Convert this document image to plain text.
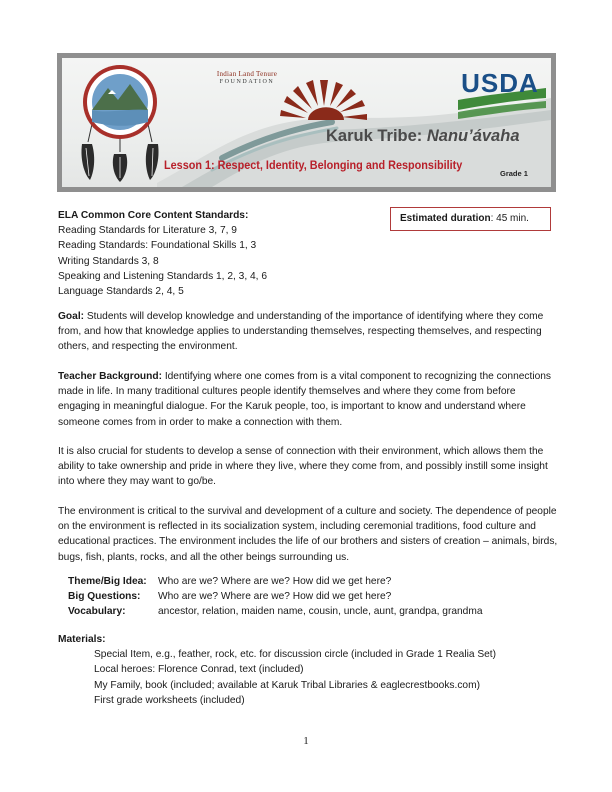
Indian Land Tenure
FOUNDATION	USDA
Karuk Tribe: Nanu’ávaha
Lesson 1: Respect, Identity, Belonging and Responsibility
Grade 1
Estimated duration: 45 min.
ELA Common Core Content Standards:
Reading Standards for Literature 3, 7, 9
Reading Standards: Foundational Skills 1, 3
Writing Standards 3, 8
Speaking and Listening Standards 1, 2, 3, 4, 6
Language Standards 2, 4, 5

Goal: Students will develop knowledge and understanding of the importance of identifying where they come from, and how that knowledge applies to understanding themselves, respecting themselves, and respecting others, and respecting the environment.

Teacher Background: Identifying where one comes from is a vital component to recognizing the connections made in life. In many traditional cultures people identify themselves and where they come from before engaging in meaningful dialogue. For the Karuk people, too, is important to know and understand where someone comes from in order to make a connection with them.

It is also crucial for students to develop a sense of connection with their environment, which allows them the ability to take ownership and pride in where they live, where they come from, and possibly instill some insight into where they may want to go/be.

The environment is critical to the survival and development of a culture and society. The dependence of people on the environment is reflected in its socialization system, including ceremonial traditions, food culture and educational practices. The environment includes the life of our brothers and sisters of creation – animals, birds, bugs, fish, plants, rocks, and all the other beings surrounding us.

Theme/Big Idea: Who are we? Where are we? How did we get here?
Big Questions: Who are we? Where are we? How did we get here?
Vocabulary:	ancestor, relation, maiden name, cousin, uncle, aunt, grandpa, grandma
Materials:
Special Item, e.g., feather, rock, etc. for discussion circle (included in Grade 1 Realia Set)
Local heroes: Florence Conrad, text (included)
My Family, book (included; available at Karuk Tribal Libraries & eaglecrestbooks.com)
First grade worksheets (included)
1
